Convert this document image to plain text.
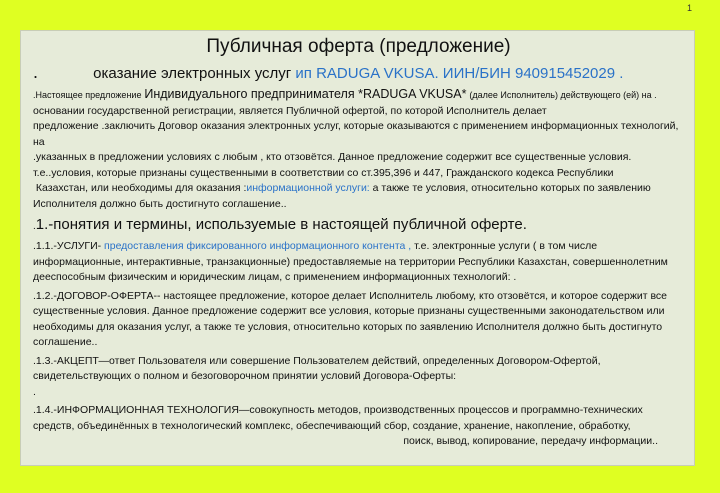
1
Публичная оферта (предложение)
.	оказание электронных услуг ип RADUGA VKUSA. ИИН/БИН 940915452029 .

.Настоящее предложение Индивидуального предпринимателя *RADUGA VKUSA* (далее Исполнитель) действующего (ей) на .

основании государственной регистрации, является Публичной офертой, по которой Исполнитель делает

предложение .заключить Договор оказания электронных услуг, которые оказываются с применением информационных технологий, на

.указанных в предложении условиях с любым , кто отзовётся. Данное предложение содержит все существенные условия.

т.е..условия, которые признаны существенными в соответствии со ст.395,396 и 447, Гражданского кодекса Республики

Казахстан, или необходимы для оказания :информационной услуги: а также те условия, относительно которых по заявлению

Исполнителя должно быть достигнуто соглашение..

.1.-понятия и термины, используемые в настоящей публичной оферте.

.1.1.-УСЛУГИ- предоставления фиксированного информационного контента , т.е. электронные услуги ( в том числе информационные, интерактивные, транзакционные) предоставляемые на территории Республики Казахстан, совершеннолетним дееспособным физическим и юридическим лицам, с применением информационных технологий: .

.1.2.-ДОГОВОР-ОФЕРТА-- настоящее предложение, которое делает Исполнитель любому, кто отзовётся, и которое содержит все существенные условия. Данное предложение содержит все условия, которые признаны существенными законодательством или необходимы для оказания услуг, а также те условия, относительно которых по заявлению Исполнителя должно быть достигнуто соглашение..

.1.3.-АКЦЕПТ—ответ Пользователя или совершение Пользователем действий, определенных Договором-Офертой, свидетельствующих о полном и безоговорочном принятии условий Договора-Оферты:

.

.1.4.-ИНФОРМАЦИОННАЯ ТЕХНОЛОГИЯ—совокупность методов, производственных процессов и программно-технических средств, объединённых в технологический комплекс, обеспечивающий сбор, создание, хранение, накопление, обработку,

поиск, вывод, копирование, передачу информации..
